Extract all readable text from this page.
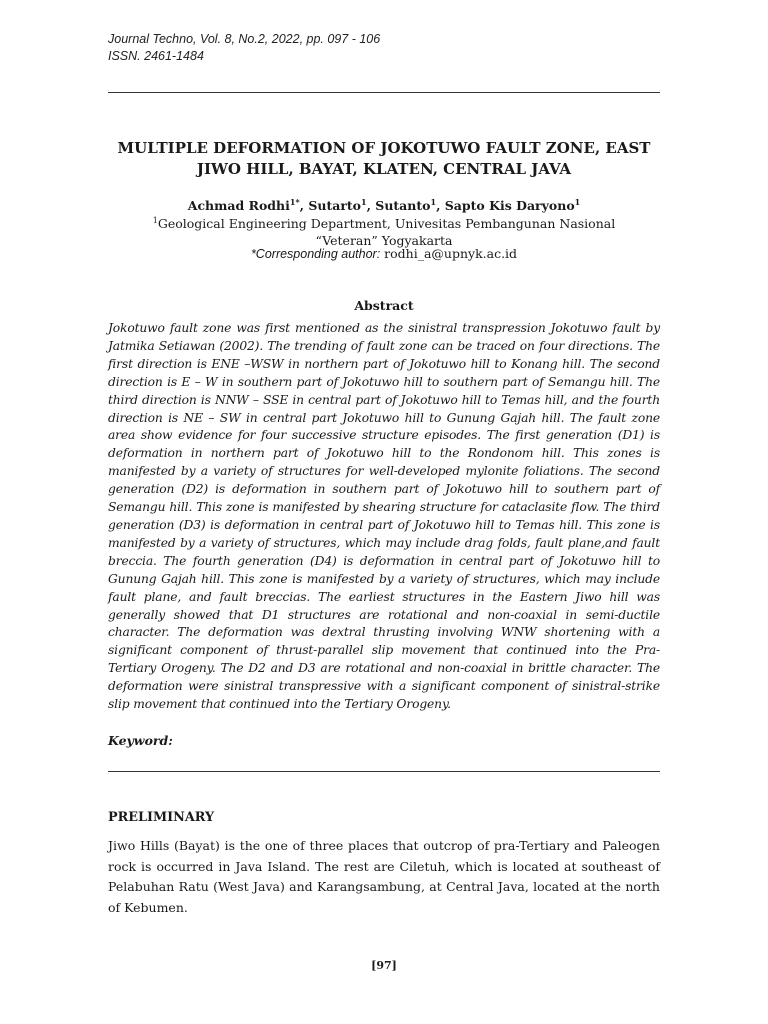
Journal Techno, Vol. 8, No.2, 2022, pp. 097 - 106
ISSN. 2461-1484
MULTIPLE DEFORMATION OF JOKOTUWO FAULT ZONE, EAST
JIWO HILL, BAYAT, KLATEN, CENTRAL JAVA
Achmad Rodhi$^{1*}$, Sutarto$^1$, Sutanto$^1$, Sapto Kis Daryono$^1$
$^1$Geological Engineering Department, Univesitas Pembangunan Nasional
“Veteran” Yogyakarta
*Corresponding author: rodhi_a@upnyk.ac.id
Abstract

Jokotuwo fault zone was first mentioned as the sinistral transpression Jokotuwo fault by Jatmika Setiawan (2002). The trending of fault zone can be traced on four directions. The first direction is ENE –WSW in northern part of Jokotuwo hill to Konang hill. The second direction is E – W in southern part of Jokotuwo hill to southern part of Semangu hill. The third direction is NNW – SSE in central part of Jokotuwo hill to Temas hill, and the fourth direction is NE – SW in central part Jokotuwo hill to Gunung Gajah hill. The fault zone area show evidence for four successive structure episodes. The first generation (D1) is deformation in northern part of Jokotuwo hill to the Rondonom hill. This zones is manifested by a variety of structures for well-developed mylonite foliations. The second generation (D2) is deformation in southern part of Jokotuwo hill to southern part of Semangu hill. This zone is manifested by shearing structure for cataclasite flow. The third generation (D3) is deformation in central part of Jokotuwo hill to Temas hill. This zone is manifested by a variety of structures, which may include drag folds, fault plane,and fault breccia. The fourth generation (D4) is deformation in central part of Jokotuwo hill to Gunung Gajah hill. This zone is manifested by a variety of structures, which may include fault plane, and fault breccias. The earliest structures in the Eastern Jiwo hill was generally showed that D1 structures are rotational and non-coaxial in semi-ductile character. The deformation was dextral thrusting involving WNW shortening with a significant component of thrust-parallel slip movement that continued into the Pra-Tertiary Orogeny. The D2 and D3 are rotational and non-coaxial in brittle character. The deformation were sinistral transpressive with a significant component of sinistral-strike slip movement that continued into the Tertiary Orogeny.

Keyword:
PRELIMINARY

Jiwo Hills (Bayat) is the one of three places that outcrop of pra-Tertiary and Paleogen rock is occurred in Java Island. The rest are Ciletuh, which is located at southeast of Pelabuhan Ratu (West Java) and Karangsambung, at Central Java, located at the north of Kebumen.

[97]
